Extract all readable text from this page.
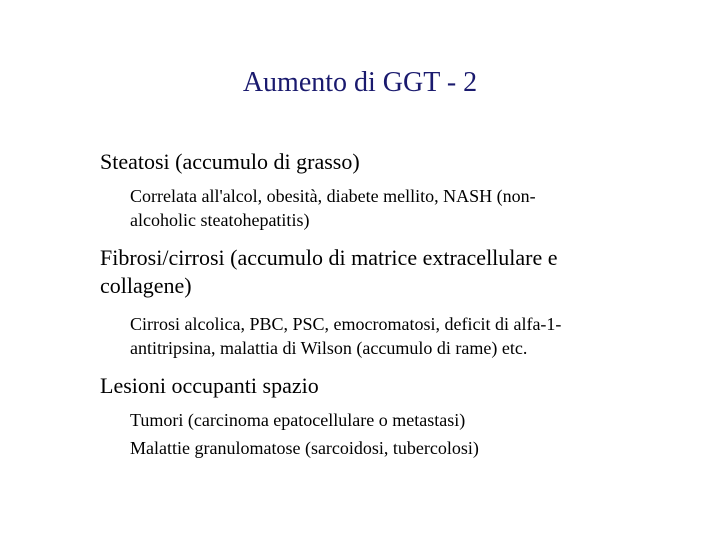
Aumento di GGT - 2
Steatosi (accumulo di grasso)
Correlata all'alcol, obesità, diabete mellito, NASH (non-
alcoholic steatohepatitis)
Fibrosi/cirrosi (accumulo di matrice extracellulare e
collagene)
Cirrosi alcolica, PBC, PSC, emocromatosi, deficit di alfa-1-
antitripsina, malattia di Wilson (accumulo di rame) etc.
Lesioni occupanti spazio
Tumori (carcinoma epatocellulare o metastasi)
Malattie granulomatose (sarcoidosi, tubercolosi)
